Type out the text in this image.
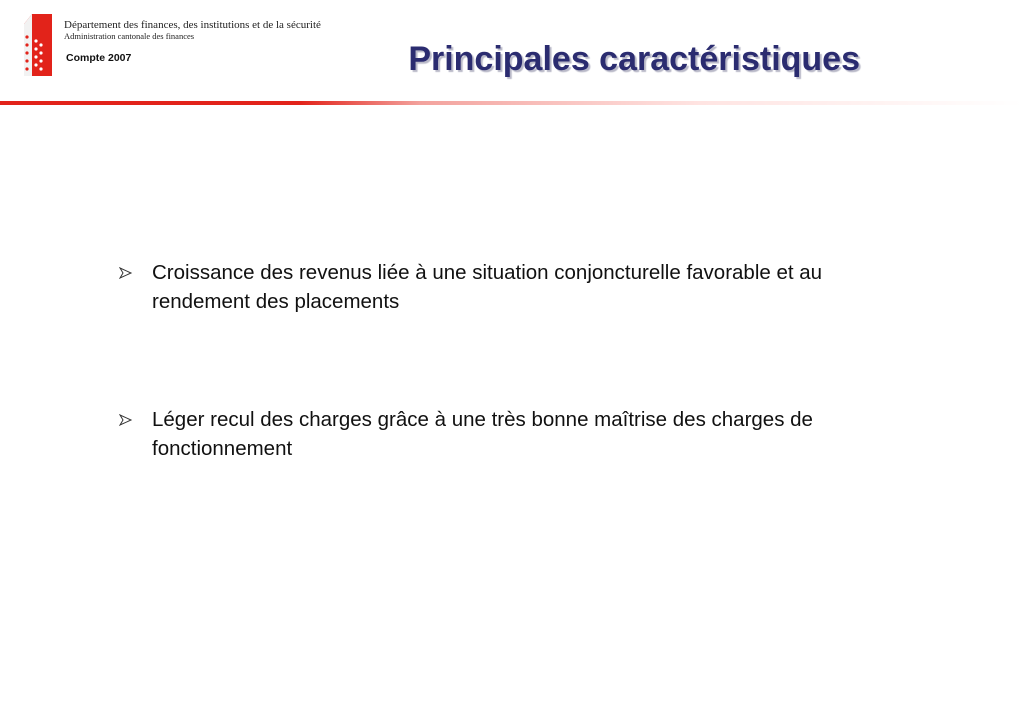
Département des finances, des institutions et de la sécurité
Administration cantonale des finances
Compte 2007	Principales caractéristiques
Croissance des revenus liée à une situation conjoncturelle favorable et au rendement des placements
Léger recul des charges grâce à une très bonne maîtrise des charges de fonctionnement
